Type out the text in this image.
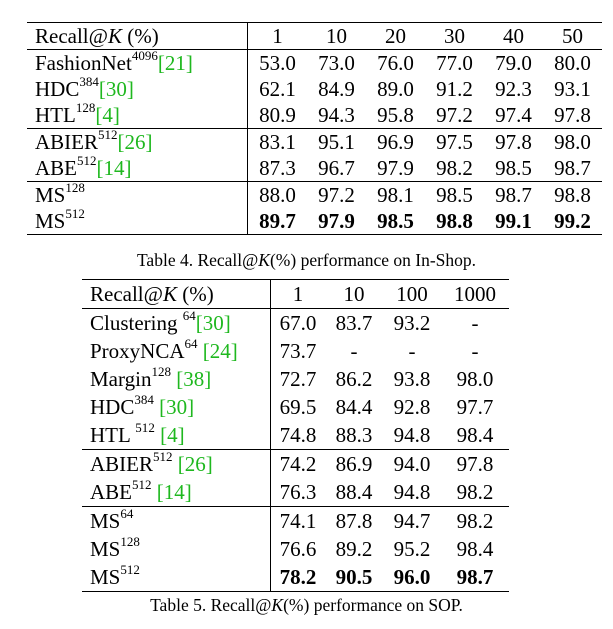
Recall@K (%)	1	10	20	30	40	50
FashionNet$^{4096}$[21]	53.0	73.0	76.0	77.0	79.0	80.0
HDC$^{384}$[30]	62.1	84.9	89.0	91.2	92.3	93.1
HTL$^{128}$[4]	80.9	94.3	95.8	97.2	97.4	97.8
ABIER$^{512}$[26]	83.1	95.1	96.9	97.5	97.8	98.0
ABE$^{512}$[14]	87.3	96.7	97.9	98.2	98.5	98.7
MS$^{128}$	88.0	97.2	98.1	98.5	98.7	98.8
MS$^{512}$	89.7	97.9	98.5	98.8	99.1	99.2
Table 4. Recall@K(%) performance on In-Shop.
Recall@K (%)	1	10	100	1000
Clustering $^{64}$[30]	67.0	83.7	93.2	-
ProxyNCA$^{64}$ [24]	73.7	-	-	-
Margin$^{128}$ [38]	72.7	86.2	93.8	98.0
HDC$^{384}$ [30]	69.5	84.4	92.8	97.7
HTL $^{512}$ [4]	74.8	88.3	94.8	98.4
ABIER$^{512}$ [26]	74.2	86.9	94.0	97.8
ABE$^{512}$ [14]	76.3	88.4	94.8	98.2
MS$^{64}$	74.1	87.8	94.7	98.2
MS$^{128}$	76.6	89.2	95.2	98.4
MS$^{512}$	78.2	90.5	96.0	98.7
Table 5. Recall@K(%) performance on SOP.
